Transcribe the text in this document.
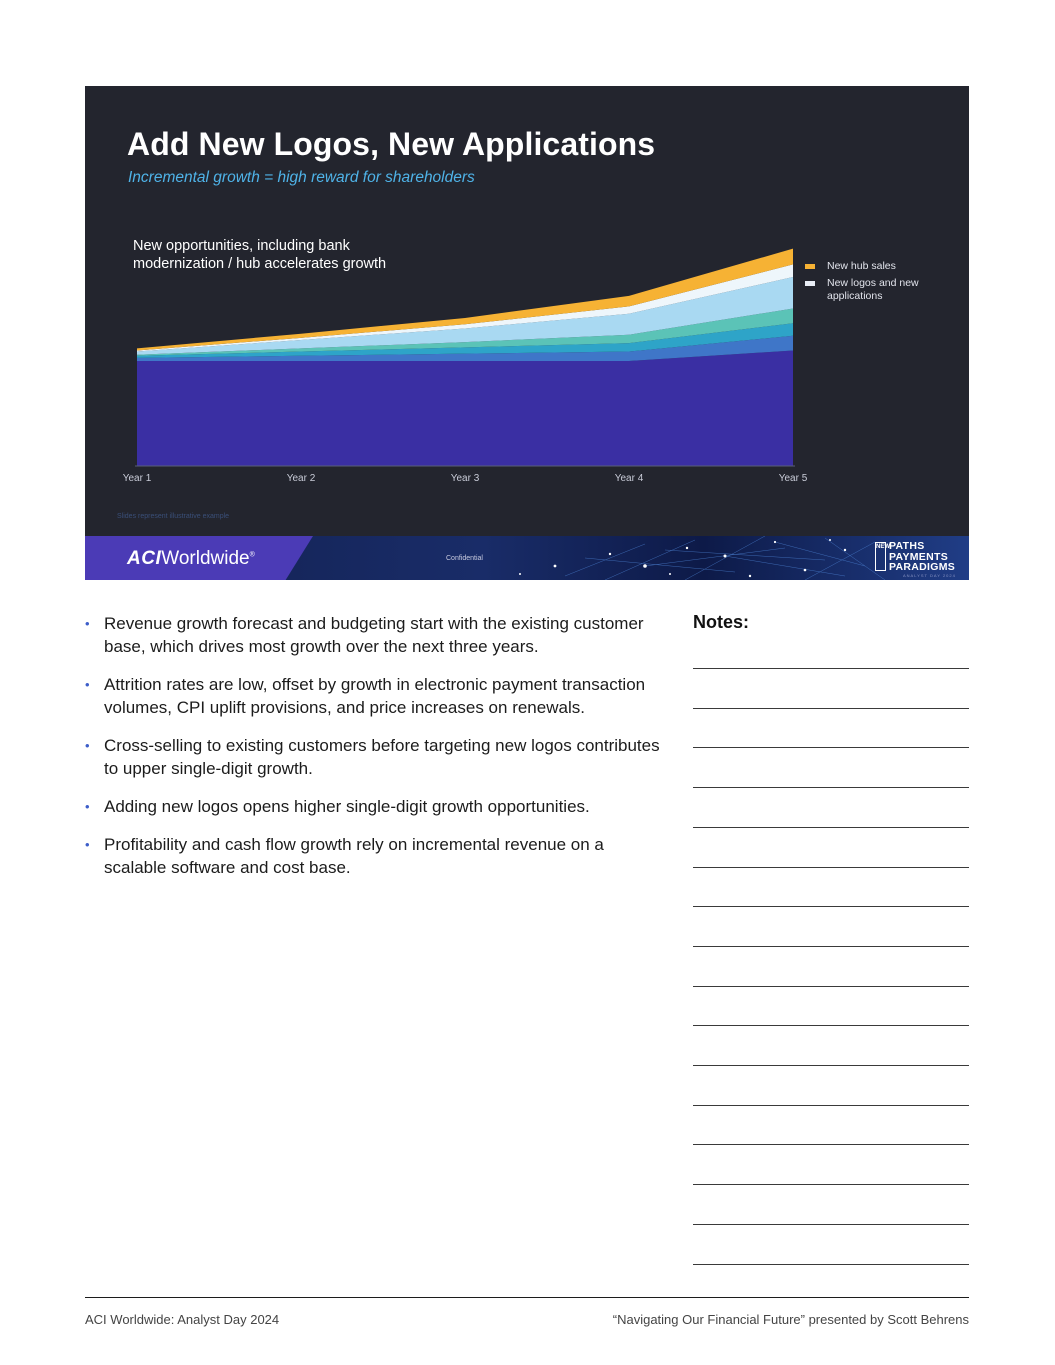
Add New Logos, New Applications
Incremental growth = high reward for shareholders
New opportunities, including bank modernization / hub accelerates growth
Year 1	Year 2	Year 3	Year 4	Year 5
New hub sales
New logos and new applications
Slides represent illustrative example
ACIWorldwide®	Confidential
NEW PATHS
PAYMENTS
PARADIGMS
ANALYST DAY 2024
• Revenue growth forecast and budgeting start with the existing customer base, which drives most growth over the next three years.
• Attrition rates are low, offset by growth in electronic payment transaction volumes, CPI uplift provisions, and price increases on renewals.
• Cross-selling to existing customers before targeting new logos contributes to upper single-digit growth.
• Adding new logos opens higher single-digit growth opportunities.
• Profitability and cash flow growth rely on incremental revenue on a scalable software and cost base.

Notes:

ACI Worldwide: Analyst Day 2024	“Navigating Our Financial Future” presented by Scott Behrens
